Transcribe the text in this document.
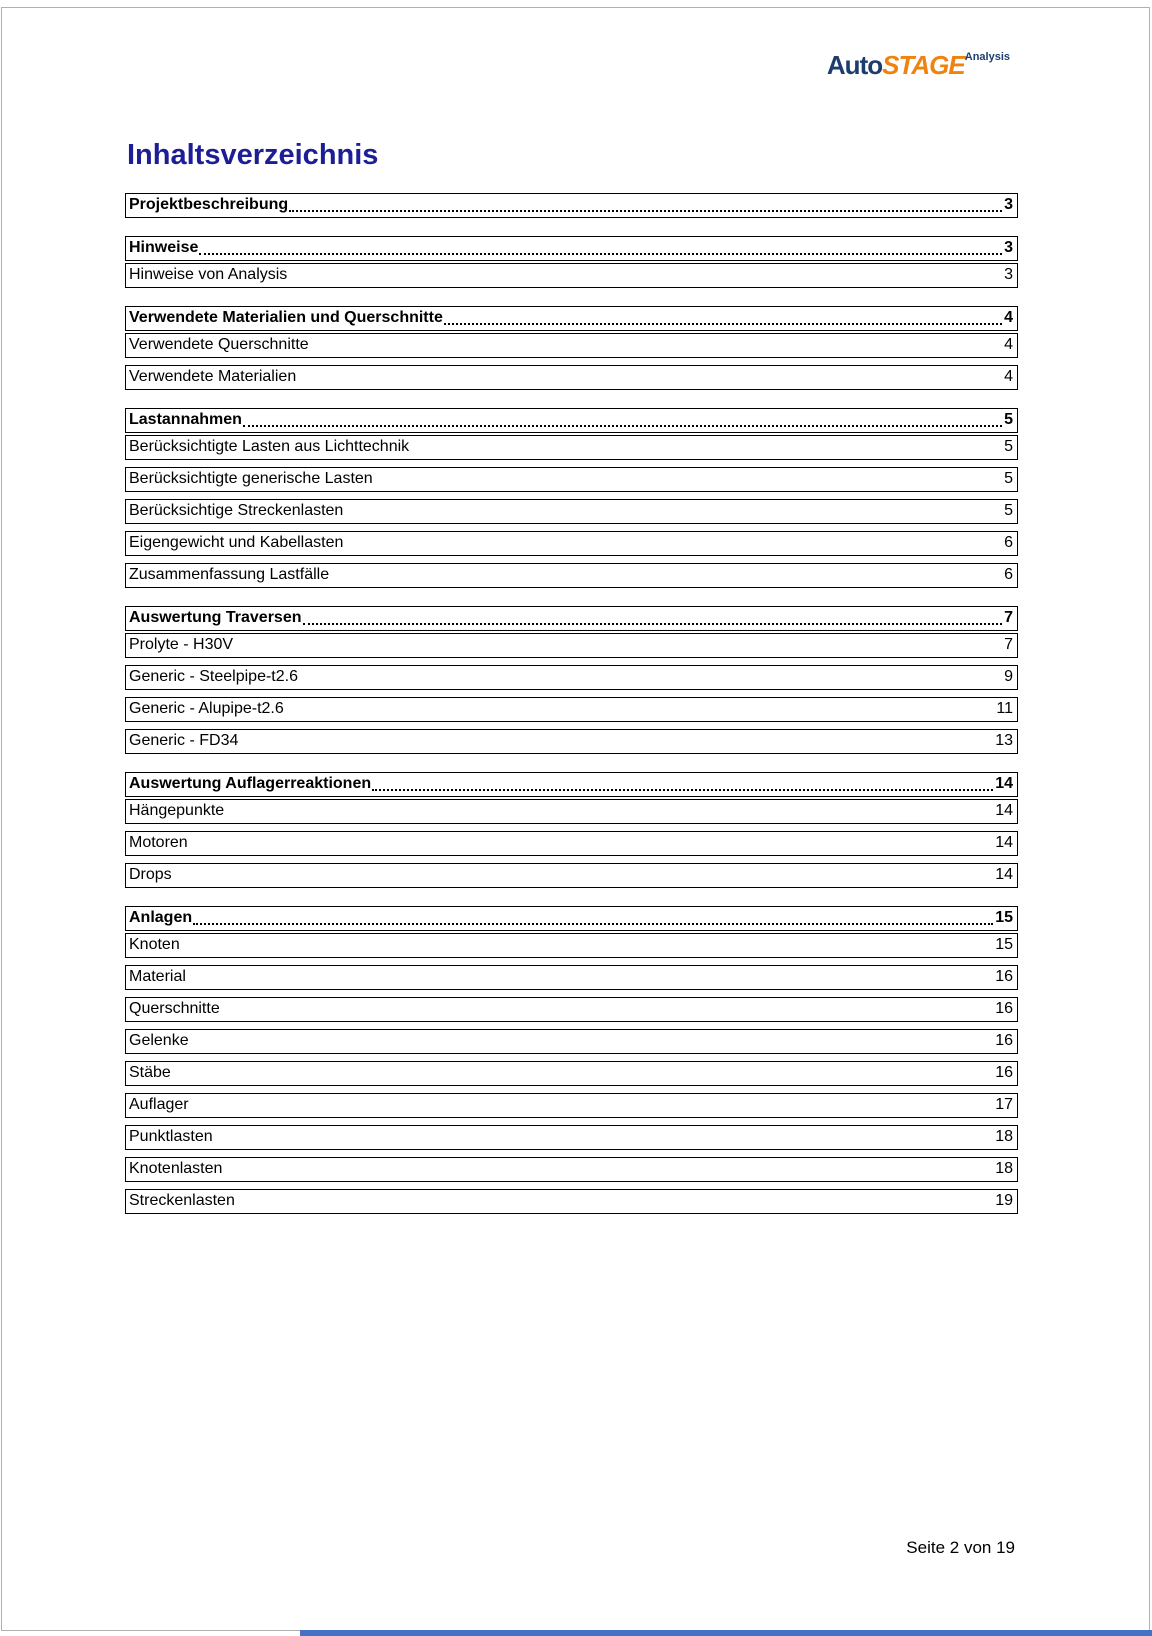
AutoSTAGE$^{Analysis}$
Inhaltsverzeichnis
Projektbeschreibung	3
Hinweise	3
Hinweise von Analysis	3
Verwendete Materialien und Querschnitte	4
Verwendete Querschnitte	4
Verwendete Materialien	4
Lastannahmen	5
Berücksichtigte Lasten aus Lichttechnik	5
Berücksichtigte generische Lasten	5
Berücksichtige Streckenlasten	5
Eigengewicht und Kabellasten	6
Zusammenfassung Lastfälle	6
Auswertung Traversen	7
Prolyte - H30V	7
Generic - Steelpipe-t2.6	9
Generic - Alupipe-t2.6	11
Generic - FD34	13
Auswertung Auflagerreaktionen	14
Hängepunkte	14
Motoren	14
Drops	14
Anlagen	15
Knoten	15
Material	16
Querschnitte	16
Gelenke	16
Stäbe	16
Auflager	17
Punktlasten	18
Knotenlasten	18
Streckenlasten	19
Seite 2 von 19
